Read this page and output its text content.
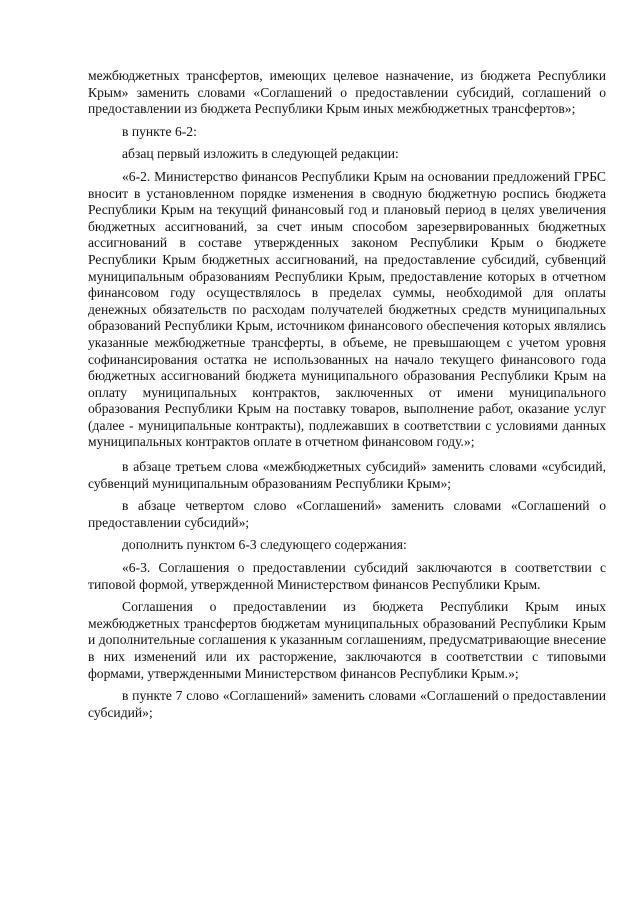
межбюджетных трансфертов, имеющих целевое назначение, из бюджета Республики Крым» заменить словами «Соглашений о предоставлении субсидий, соглашений о предоставлении из бюджета Республики Крым иных межбюджетных трансфертов»;

в пункте 6-2:

абзац первый изложить в следующей редакции:

«6-2. Министерство финансов Республики Крым на основании предложений ГРБС вносит в установленном порядке изменения в сводную бюджетную роспись бюджета Республики Крым на текущий финансовый год и плановый период в целях увеличения бюджетных ассигнований, за счет иным способом зарезервированных бюджетных ассигнований в составе утвержденных законом Республики Крым о бюджете Республики Крым бюджетных ассигнований, на предоставление субсидий, субвенций муниципальным образованиям Республики Крым, предоставление которых в отчетном финансовом году осуществлялось в пределах суммы, необходимой для оплаты денежных обязательств по расходам получателей бюджетных средств муниципальных образований Республики Крым, источником финансового обеспечения которых являлись указанные межбюджетные трансферты, в объеме, не превышающем с учетом уровня софинансирования остатка не использованных на начало текущего финансового года бюджетных ассигнований бюджета муниципального образования Республики Крым на оплату муниципальных контрактов, заключенных от имени муниципального образования Республики Крым на поставку товаров, выполнение работ, оказание услуг (далее - муниципальные контракты), подлежавших в соответствии с условиями данных муниципальных контрактов оплате в отчетном финансовом году.»;

в абзаце третьем слова «межбюджетных субсидий» заменить словами «субсидий, субвенций муниципальным образованиям Республики Крым»;

в абзаце четвертом слово «Соглашений» заменить словами «Соглашений о предоставлении субсидий»;

дополнить пунктом 6-3 следующего содержания:

«6-3. Соглашения о предоставлении субсидий заключаются в соответствии с типовой формой, утвержденной Министерством финансов Республики Крым.

Соглашения о предоставлении из бюджета Республики Крым иных межбюджетных трансфертов бюджетам муниципальных образований Республики Крым и дополнительные соглашения к указанным соглашениям, предусматривающие внесение в них изменений или их расторжение, заключаются в соответствии с типовыми формами, утвержденными Министерством финансов Республики Крым.»;

в пункте 7 слово «Соглашений» заменить словами «Соглашений о предоставлении субсидий»;
